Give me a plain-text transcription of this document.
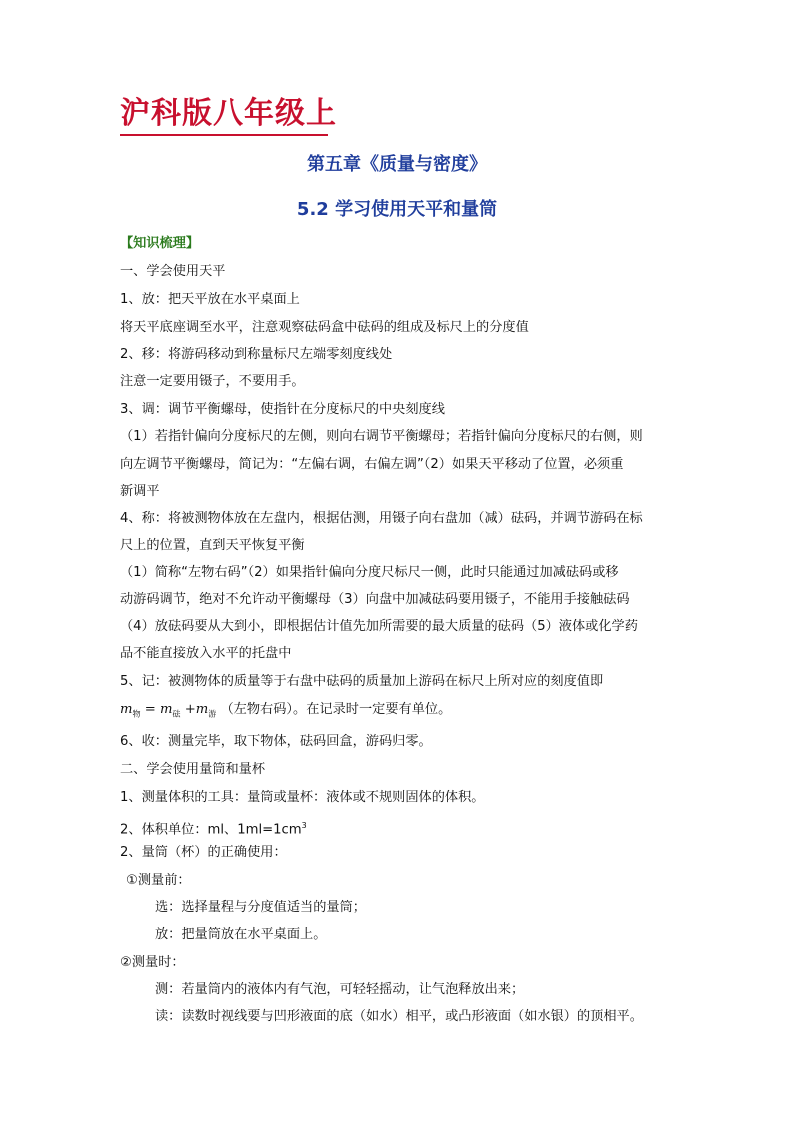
沪科版八年级上
第五章《质量与密度》
5.2 学习使用天平和量筒
【知识梳理】
一、学会使用天平
1、放：把天平放在水平桌面上
将天平底座调至水平，注意观察砝码盒中砝码的组成及标尺上的分度值
2、移：将游码移动到称量标尺左端零刻度线处
注意一定要用镊子，不要用手。
3、调：调节平衡螺母，使指针在分度标尺的中央刻度线
（1）若指针偏向分度标尺的左侧，则向右调节平衡螺母；若指针偏向分度标尺的右侧，则
向左调节平衡螺母，简记为：“左偏右调，右偏左调”（2）如果天平移动了位置，必须重
新调平
4、称：将被测物体放在左盘内，根据估测，用镊子向右盘加（减）砝码，并调节游码在标
尺上的位置，直到天平恢复平衡
（1）简称“左物右码”（2）如果指针偏向分度尺标尺一侧，此时只能通过加减砝码或移
动游码调节，绝对不允许动平衡螺母（3）向盘中加减砝码要用镊子，不能用手接触砝码
（4）放砝码要从大到小，即根据估计值先加所需要的最大质量的砝码（5）液体或化学药
品不能直接放入水平的托盘中
5、记：被测物体的质量等于右盘中砝码的质量加上游码在标尺上所对应的刻度值即
$m_物 = m_砝 +m_游$ （左物右码）。在记录时一定要有单位。
6、收：测量完毕，取下物体，砝码回盒，游码归零。
二、学会使用量筒和量杯
1、测量体积的工具：量筒或量杯：液体或不规则固体的体积。
2、体积单位：ml、$1ml=1cm^3$
2、量筒（杯）的正确使用：
①测量前：
选：选择量程与分度值适当的量筒；
放：把量筒放在水平桌面上。
②测量时：
测：若量筒内的液体内有气泡，可轻轻摇动，让气泡释放出来；
读：读数时视线要与凹形液面的底（如水）相平，或凸形液面（如水银）的顶相平。
